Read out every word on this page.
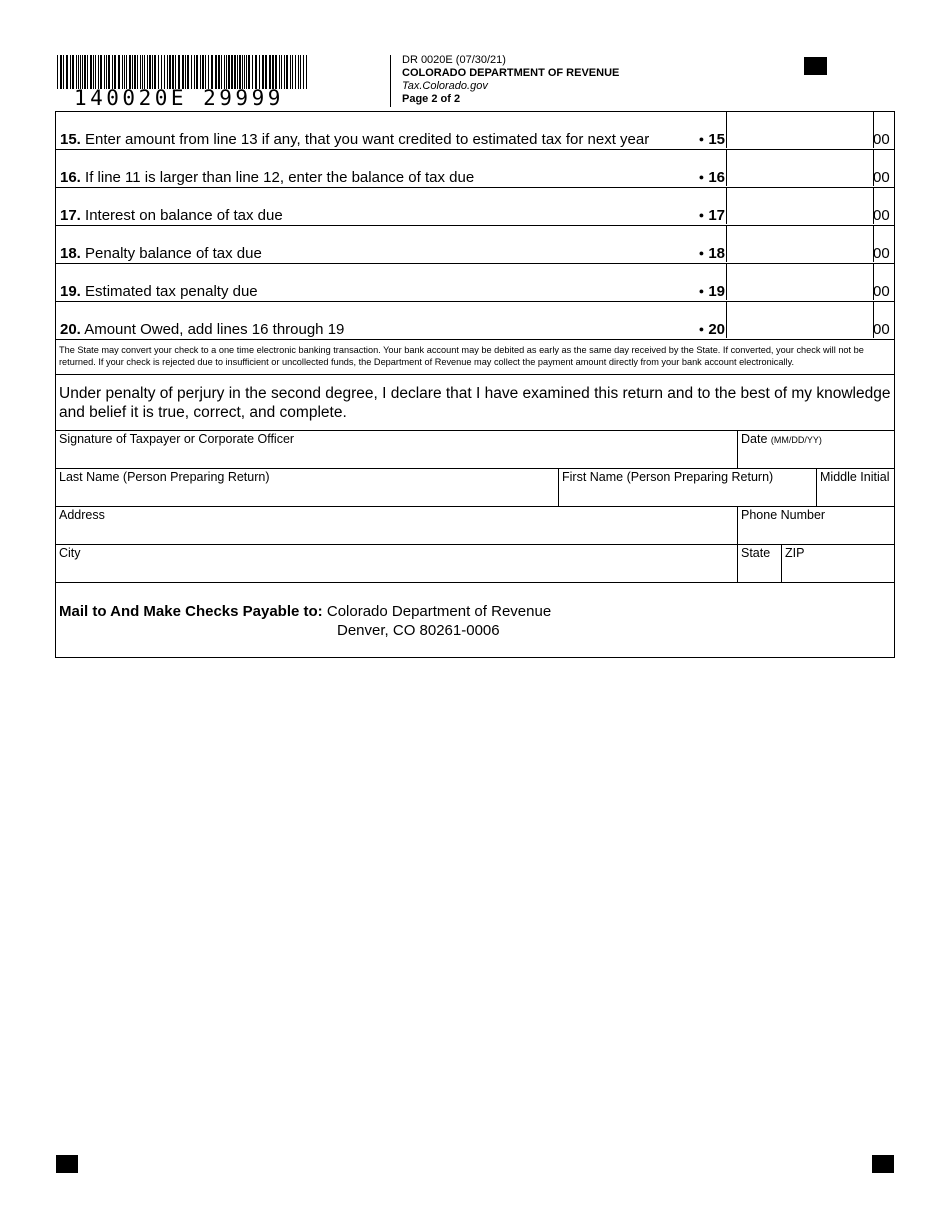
140020E 29999
DR 0020E (07/30/21)
COLORADO DEPARTMENT OF REVENUE
Tax.Colorado.gov
Page 2 of 2
15. Enter amount from line 13 if any, that you want credited to estimated tax for next year	● 15	00
16. If line 11 is larger than line 12, enter the balance of tax due	● 16	00
17. Interest on balance of tax due	● 17	00
18. Penalty balance of tax due	● 18	00
19. Estimated tax penalty due	● 19	00
20. Amount Owed, add lines 16 through 19	● 20	00
The State may convert your check to a one time electronic banking transaction. Your bank account may be debited as early as the same day received by the State. If converted, your check will not be returned. If your check is rejected due to insufficient or uncollected funds, the Department of Revenue may collect the payment amount directly from your bank account electronically.
Under penalty of perjury in the second degree, I declare that I have examined this return and to the best of my knowledge and belief it is true, correct, and complete.
Signature of Taxpayer or Corporate Officer	Date (MM/DD/YY)
Last Name (Person Preparing Return)	First Name (Person Preparing Return)	Middle Initial
Address	Phone Number
City	State	ZIP
Mail to And Make Checks Payable to: Colorado Department of Revenue
Denver, CO 80261-0006
